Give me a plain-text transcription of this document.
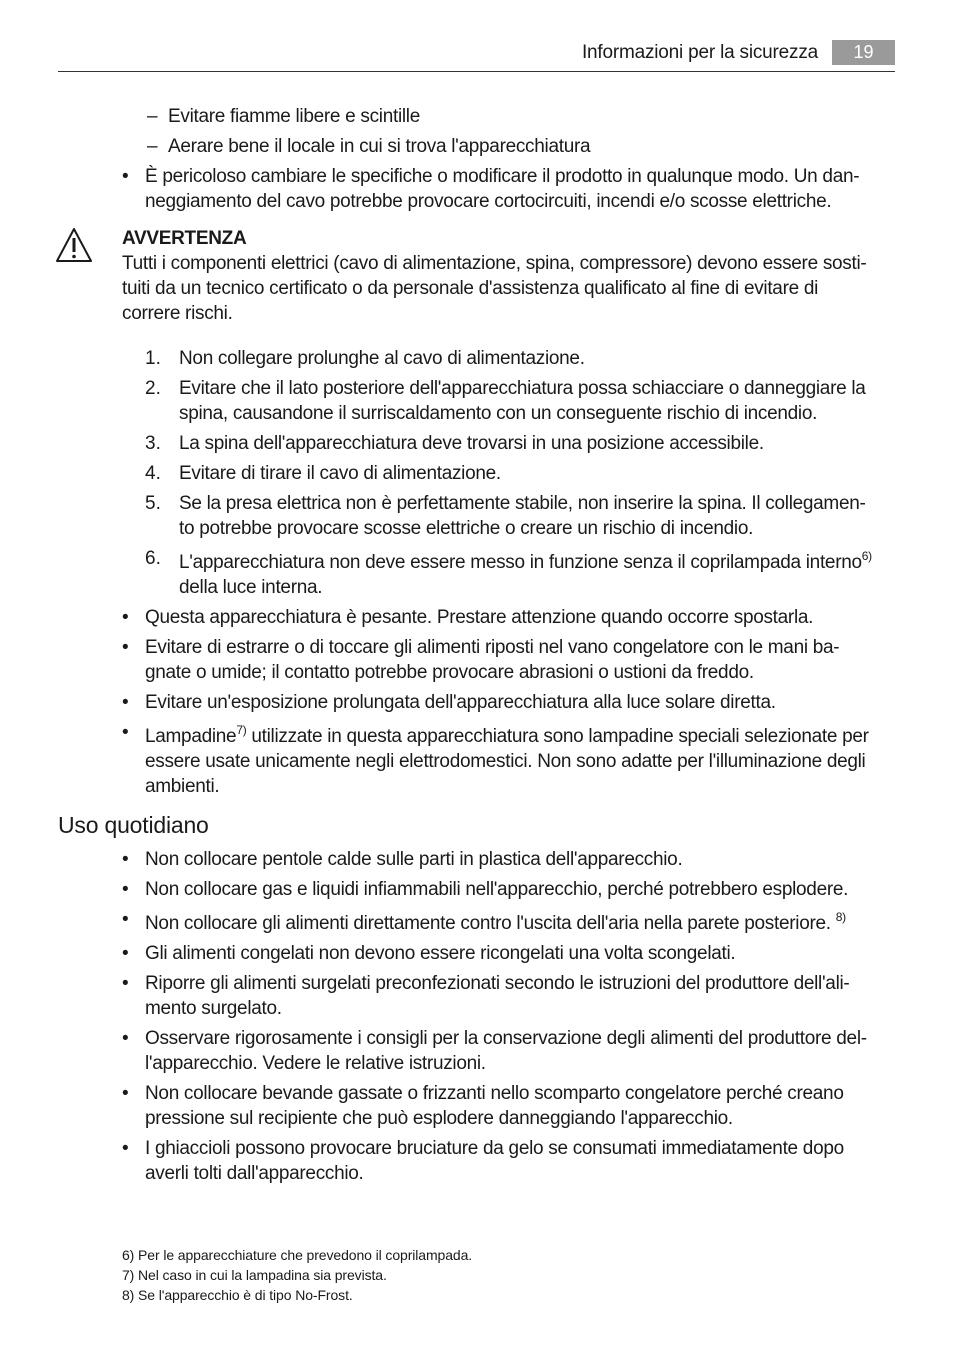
Informazioni per la sicurezza	19
– Evitare fiamme libere e scintille
– Aerare bene il locale in cui si trova l'apparecchiatura
• È pericoloso cambiare le specifiche o modificare il prodotto in qualunque modo. Un dan-
neggiamento del cavo potrebbe provocare cortocircuiti, incendi e/o scosse elettriche.
AVVERTENZA
Tutti i componenti elettrici (cavo di alimentazione, spina, compressore) devono essere sosti-
tuiti da un tecnico certificato o da personale d'assistenza qualificato al fine di evitare di
correre rischi.
1. Non collegare prolunghe al cavo di alimentazione.
2. Evitare che il lato posteriore dell'apparecchiatura possa schiacciare o danneggiare la
spina, causandone il surriscaldamento con un conseguente rischio di incendio.
3. La spina dell'apparecchiatura deve trovarsi in una posizione accessibile.
4. Evitare di tirare il cavo di alimentazione.
5. Se la presa elettrica non è perfettamente stabile, non inserire la spina. Il collegamen-
to potrebbe provocare scosse elettriche o creare un rischio di incendio.
6. L'apparecchiatura non deve essere messo in funzione senza il coprilampada interno$^{6)}$
della luce interna.
• Questa apparecchiatura è pesante. Prestare attenzione quando occorre spostarla.
• Evitare di estrarre o di toccare gli alimenti riposti nel vano congelatore con le mani ba-
gnate o umide; il contatto potrebbe provocare abrasioni o ustioni da freddo.
• Evitare un'esposizione prolungata dell'apparecchiatura alla luce solare diretta.
• Lampadine$^{7)}$ utilizzate in questa apparecchiatura sono lampadine speciali selezionate per
essere usate unicamente negli elettrodomestici. Non sono adatte per l'illuminazione degli
ambienti.
Uso quotidiano
• Non collocare pentole calde sulle parti in plastica dell'apparecchio.
• Non collocare gas e liquidi infiammabili nell'apparecchio, perché potrebbero esplodere.
• Non collocare gli alimenti direttamente contro l'uscita dell'aria nella parete posteriore. $^{8)}$
• Gli alimenti congelati non devono essere ricongelati una volta scongelati.
• Riporre gli alimenti surgelati preconfezionati secondo le istruzioni del produttore dell'ali-
mento surgelato.
• Osservare rigorosamente i consigli per la conservazione degli alimenti del produttore del-
l'apparecchio. Vedere le relative istruzioni.
• Non collocare bevande gassate o frizzanti nello scomparto congelatore perché creano
pressione sul recipiente che può esplodere danneggiando l'apparecchio.
• I ghiaccioli possono provocare bruciature da gelo se consumati immediatamente dopo
averli tolti dall'apparecchio.
6) Per le apparecchiature che prevedono il coprilampada.
7) Nel caso in cui la lampadina sia prevista.
8) Se l'apparecchio è di tipo No-Frost.
